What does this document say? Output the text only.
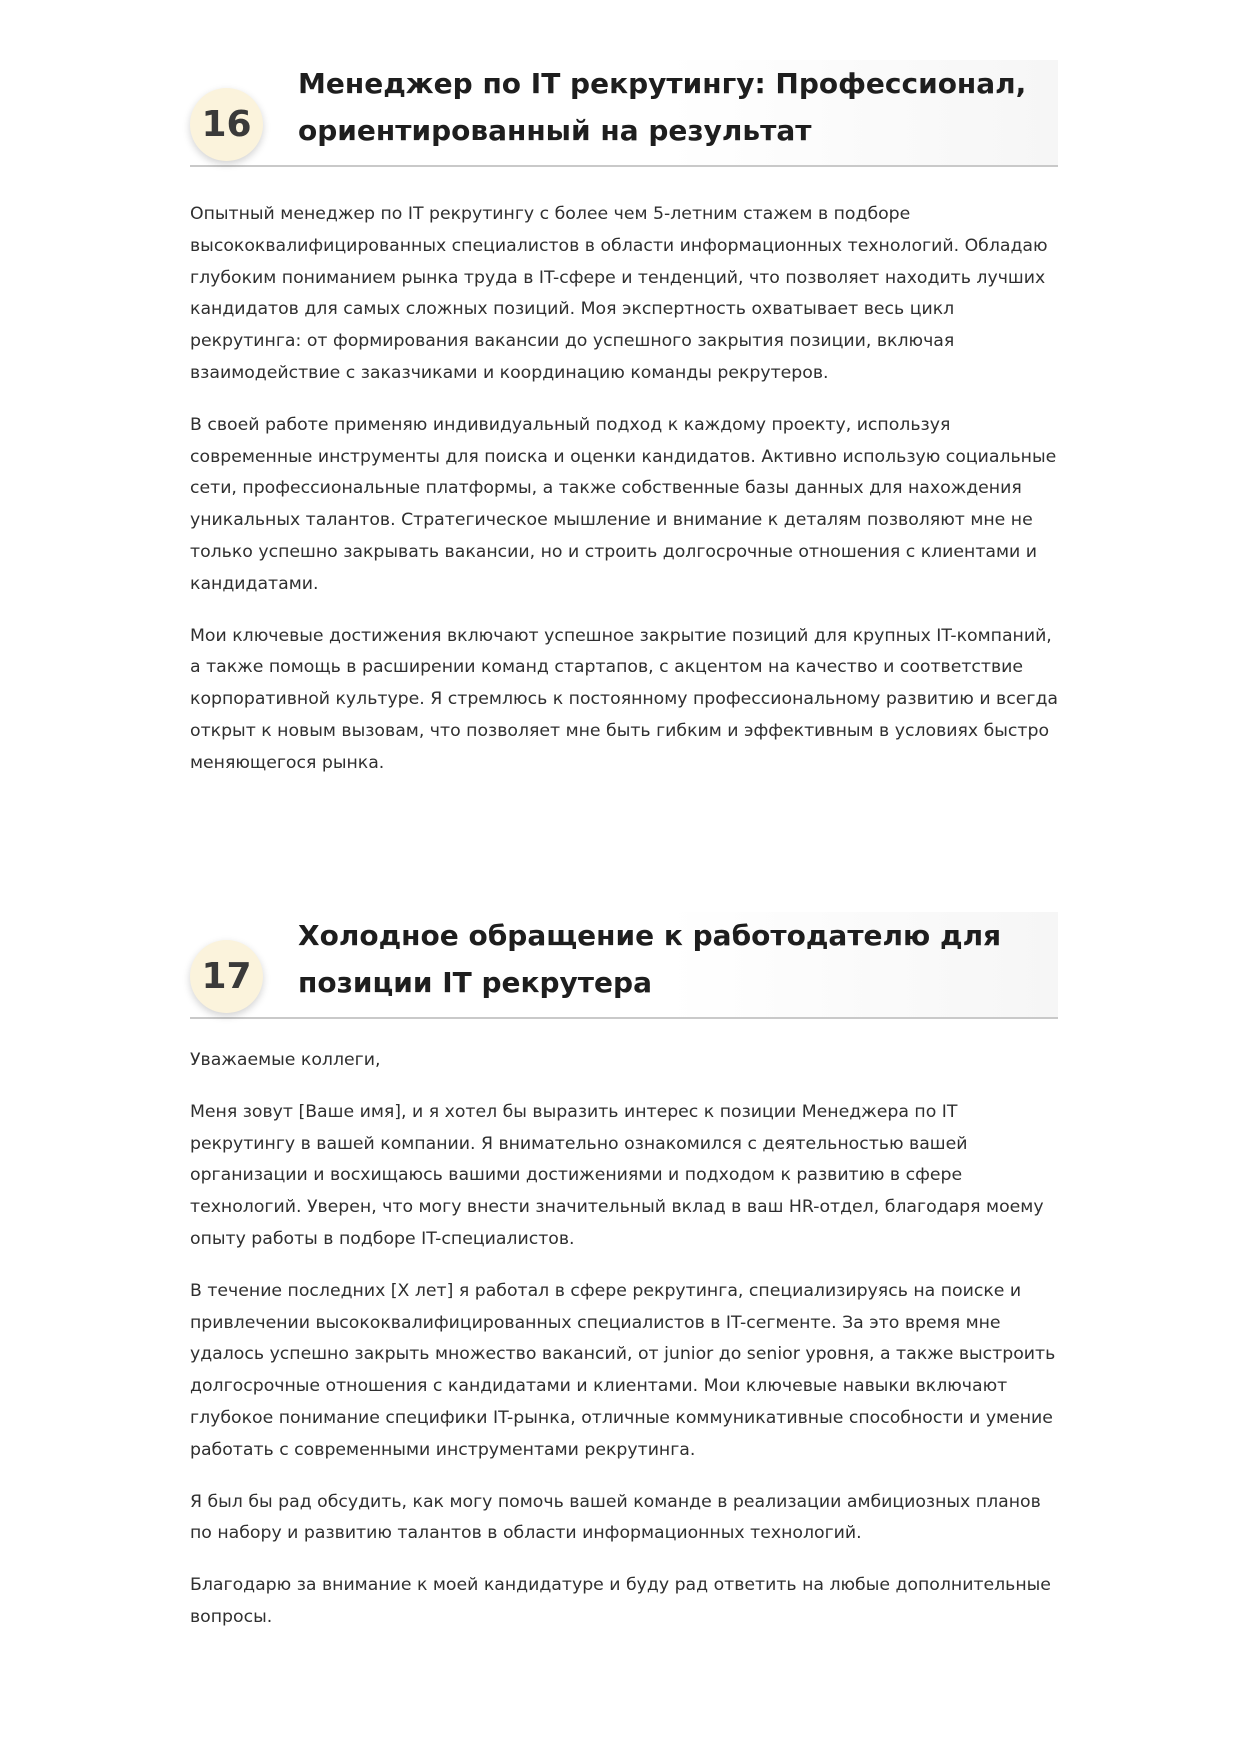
16
Менеджер по IT рекрутингу: Профессионал, ориентированный на результат

Опытный менеджер по IT рекрутингу с более чем 5-летним стажем в подборе высококвалифицированных специалистов в области информационных технологий. Обладаю глубоким пониманием рынка труда в IT-сфере и тенденций, что позволяет находить лучших кандидатов для самых сложных позиций. Моя экспертность охватывает весь цикл рекрутинга: от формирования вакансии до успешного закрытия позиции, включая взаимодействие с заказчиками и координацию команды рекрутеров.

В своей работе применяю индивидуальный подход к каждому проекту, используя современные инструменты для поиска и оценки кандидатов. Активно использую социальные сети, профессиональные платформы, а также собственные базы данных для нахождения уникальных талантов. Стратегическое мышление и внимание к деталям позволяют мне не только успешно закрывать вакансии, но и строить долгосрочные отношения с клиентами и кандидатами.

Мои ключевые достижения включают успешное закрытие позиций для крупных IT-компаний, а также помощь в расширении команд стартапов, с акцентом на качество и соответствие корпоративной культуре. Я стремлюсь к постоянному профессиональному развитию и всегда открыт к новым вызовам, что позволяет мне быть гибким и эффективным в условиях быстро меняющегося рынка.

17
Холодное обращение к работодателю для позиции IT рекрутера

Уважаемые коллеги,

Меня зовут [Ваше имя], и я хотел бы выразить интерес к позиции Менеджера по IT рекрутингу в вашей компании. Я внимательно ознакомился с деятельностью вашей организации и восхищаюсь вашими достижениями и подходом к развитию в сфере технологий. Уверен, что могу внести значительный вклад в ваш HR-отдел, благодаря моему опыту работы в подборе IT-специалистов.

В течение последних [X лет] я работал в сфере рекрутинга, специализируясь на поиске и привлечении высококвалифицированных специалистов в IT-сегменте. За это время мне удалось успешно закрыть множество вакансий, от junior до senior уровня, а также выстроить долгосрочные отношения с кандидатами и клиентами. Мои ключевые навыки включают глубокое понимание специфики IT-рынка, отличные коммуникативные способности и умение работать с современными инструментами рекрутинга.

Я был бы рад обсудить, как могу помочь вашей команде в реализации амбициозных планов по набору и развитию талантов в области информационных технологий.

Благодарю за внимание к моей кандидатуре и буду рад ответить на любые дополнительные вопросы.
